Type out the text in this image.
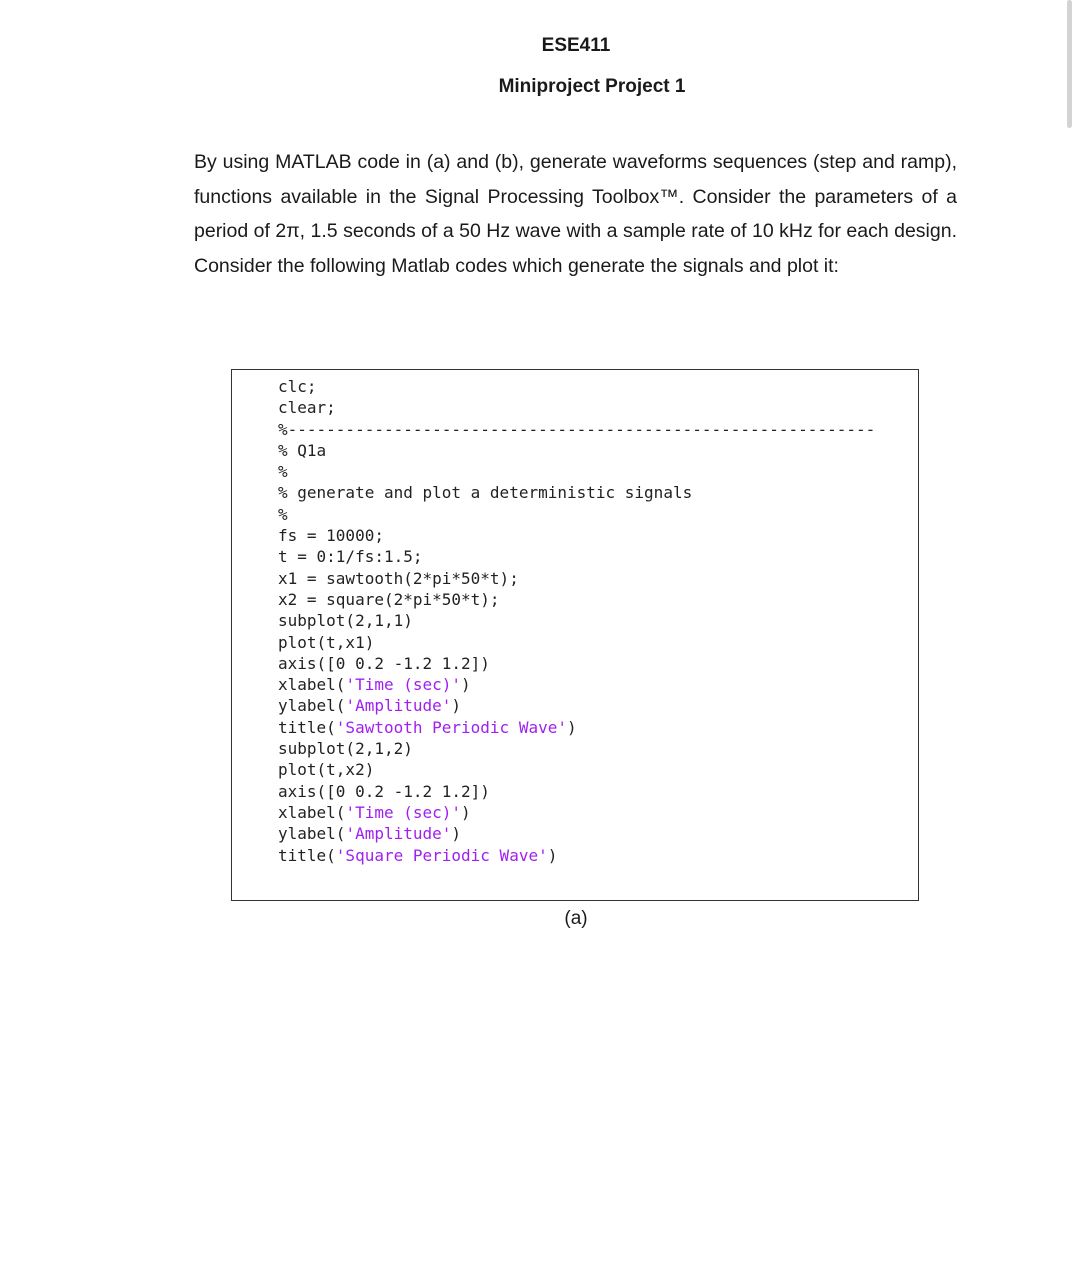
ESE411
Miniproject Project 1

By using MATLAB code in (a) and (b), generate waveforms sequences (step and ramp), functions available in the Signal Processing Toolbox™. Consider the parameters of a period of 2π, 1.5 seconds of a 50 Hz wave with a sample rate of 10 kHz for each design. Consider the following Matlab codes which generate the signals and plot it:

clc;
clear;
%-------------------------------------------------------------
% Q1a
%
% generate and plot a deterministic signals
%
fs = 10000;
t = 0:1/fs:1.5;
x1 = sawtooth(2*pi*50*t);
x2 = square(2*pi*50*t);
subplot(2,1,1)
plot(t,x1)
axis([0 0.2 -1.2 1.2])
xlabel('Time (sec)')
ylabel('Amplitude')
title('Sawtooth Periodic Wave')
subplot(2,1,2)
plot(t,x2)
axis([0 0.2 -1.2 1.2])
xlabel('Time (sec)')
ylabel('Amplitude')
title('Square Periodic Wave')
(a)
